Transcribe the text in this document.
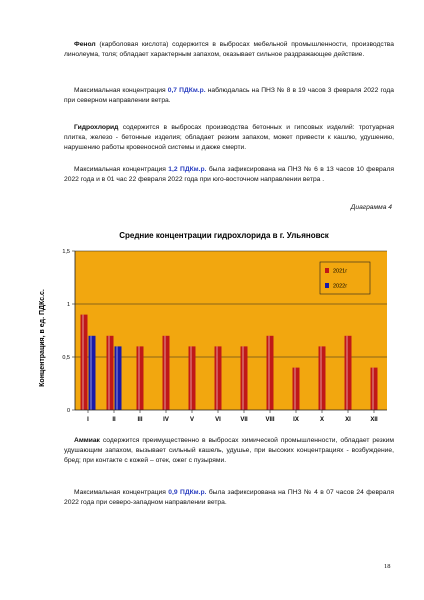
Фенол (карболовая кислота) содержится в выбросах мебельной промышленности, производства линолеума, толя; обладает характерным запахом, оказывает сильное раздражающее действие.

Максимальная концентрация 0,7 ПДКм.р. наблюдалась на ПНЗ № 8 в 19 часов 3 февраля 2022 года при северном направлении ветра.

Гидрохлорид содержится в выбросах производства бетонных и гипсовых изделий: тротуарная плитка, железо - бетонные изделия; обладает резким запахом, может привести к кашлю, удушению, нарушению работы кровеносной системы и дакже смерти.

Максимальная концентрация 1,2 ПДКм.р. была зафиксирована на ПНЗ № 6 в 13 часов 10 февраля 2022 года и в 01 час 22 февраля 2022 года при юго-восточном направлении ветра .

Диаграмма 4
Средние концентрации гидрохлорида в г. Ульяновск
Концентрация, в ед. ПДКс.с.
0
0,5
1
1,5
I	II	III	IV	V	VI	VII	VIII	IX	X	XI	XII
2021г
2022г

Аммиак содержится преимущественно в выбросах химической промышленности, обладает резким удушающим запахом, вызывает сильный кашель, удушье, при высоких концентрациях - возбуждение, бред; при контакте с кожей – отек, ожег с пузырями.

Максимальная концентрация 0,9 ПДКм.р. была зафиксирована на ПНЗ № 4 в 07 часов 24 февраля 2022 года при северо-западном направлении ветра.

18
